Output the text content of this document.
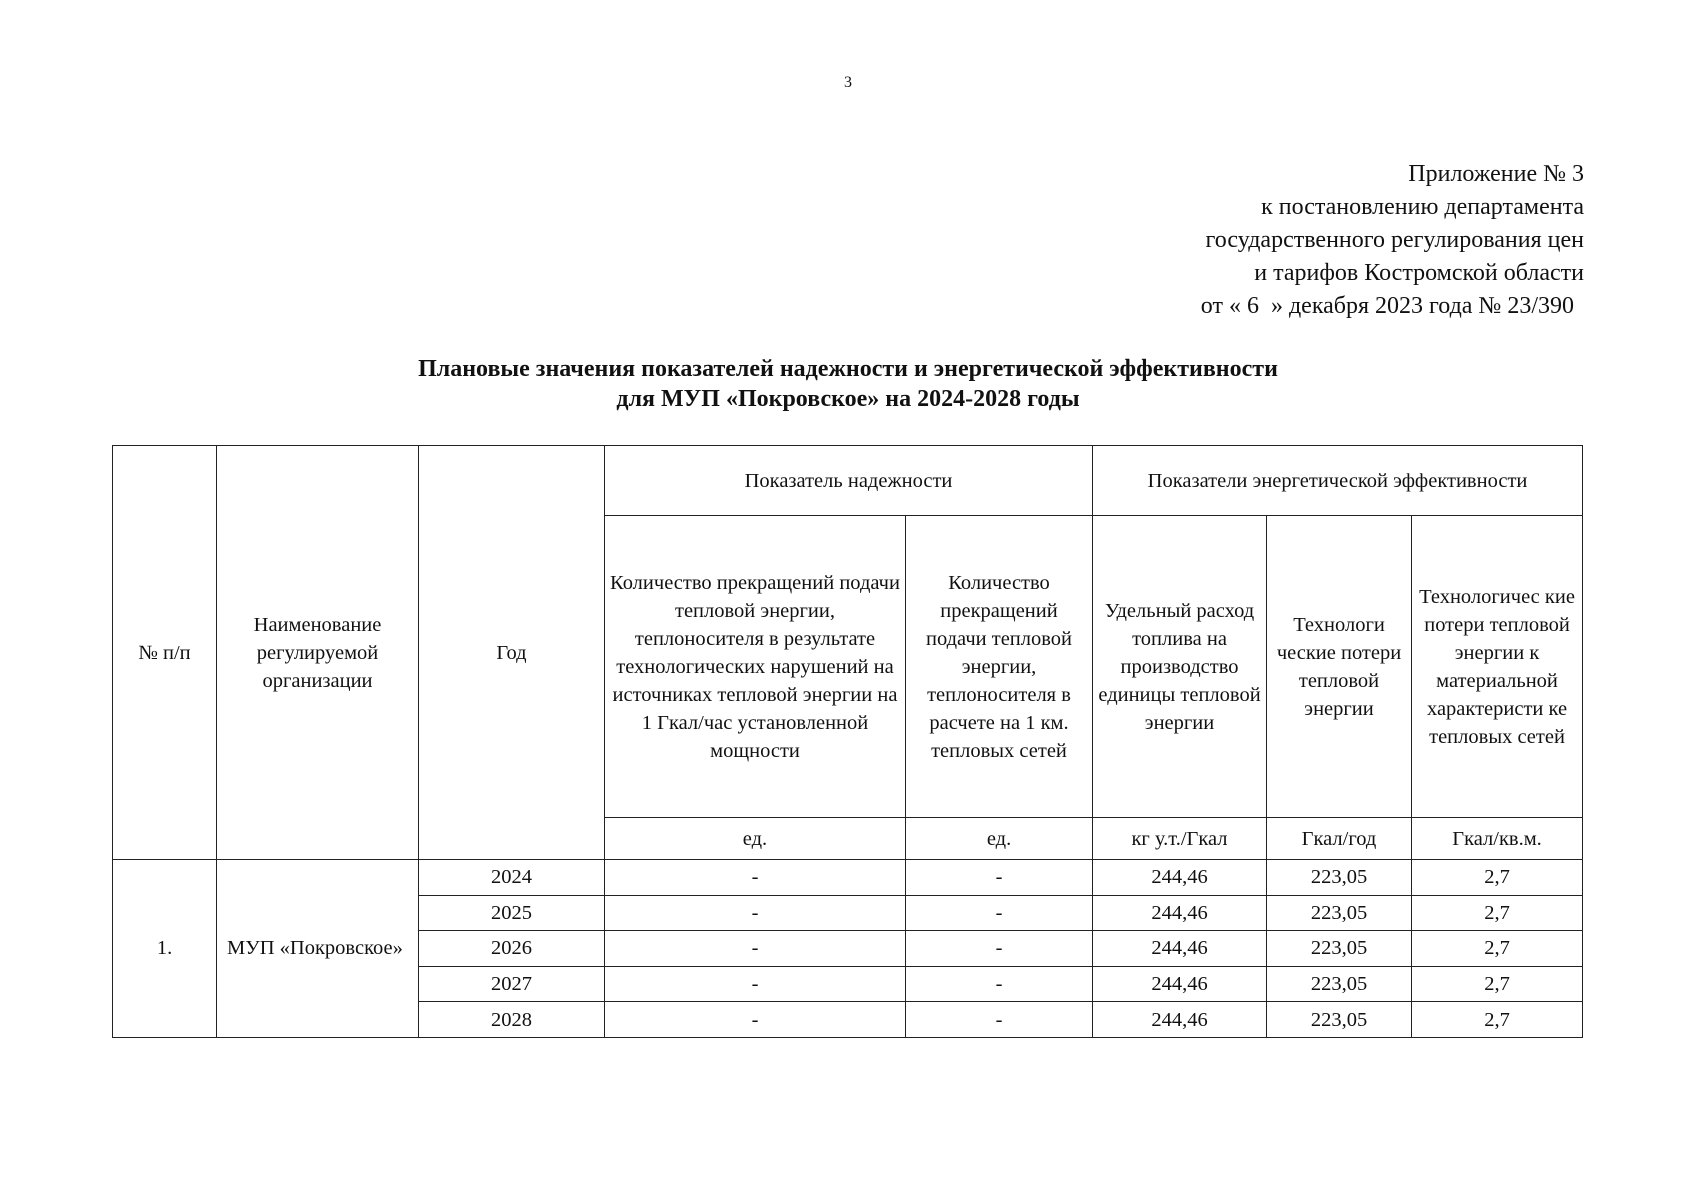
3
Приложение № 3
к постановлению департамента
государственного регулирования цен
и тарифов Костромской области
от « 6  » декабря 2023 года № 23/390
Плановые значения показателей надежности и энергетической эффективности
для МУП «Покровское» на 2024-2028 годы
№ п/п	Наименование регулируемой организации	Год	Показатель надежности		Показатели энергетической эффективности		
			Количество прекращений подачи тепловой энергии, теплоносителя в результате технологических нарушений на источниках тепловой энергии на 1 Гкал/час установленной мощности	Количество прекращений подачи тепловой энергии, теплоносителя в расчете на 1 км. тепловых сетей	Удельный расход топлива на производство единицы тепловой энергии	Технологи ческие потери тепловой энергии	Технологичес кие потери тепловой энергии к материальной характеристи ке тепловых сетей
			ед.	ед.	кг у.т./Гкал	Гкал/год	Гкал/кв.м.
1.	МУП «Покровское»	2024	-	-	244,46	223,05	2,7
		2025	-	-	244,46	223,05	2,7
		2026	-	-	244,46	223,05	2,7
		2027	-	-	244,46	223,05	2,7
		2028	-	-	244,46	223,05	2,7
